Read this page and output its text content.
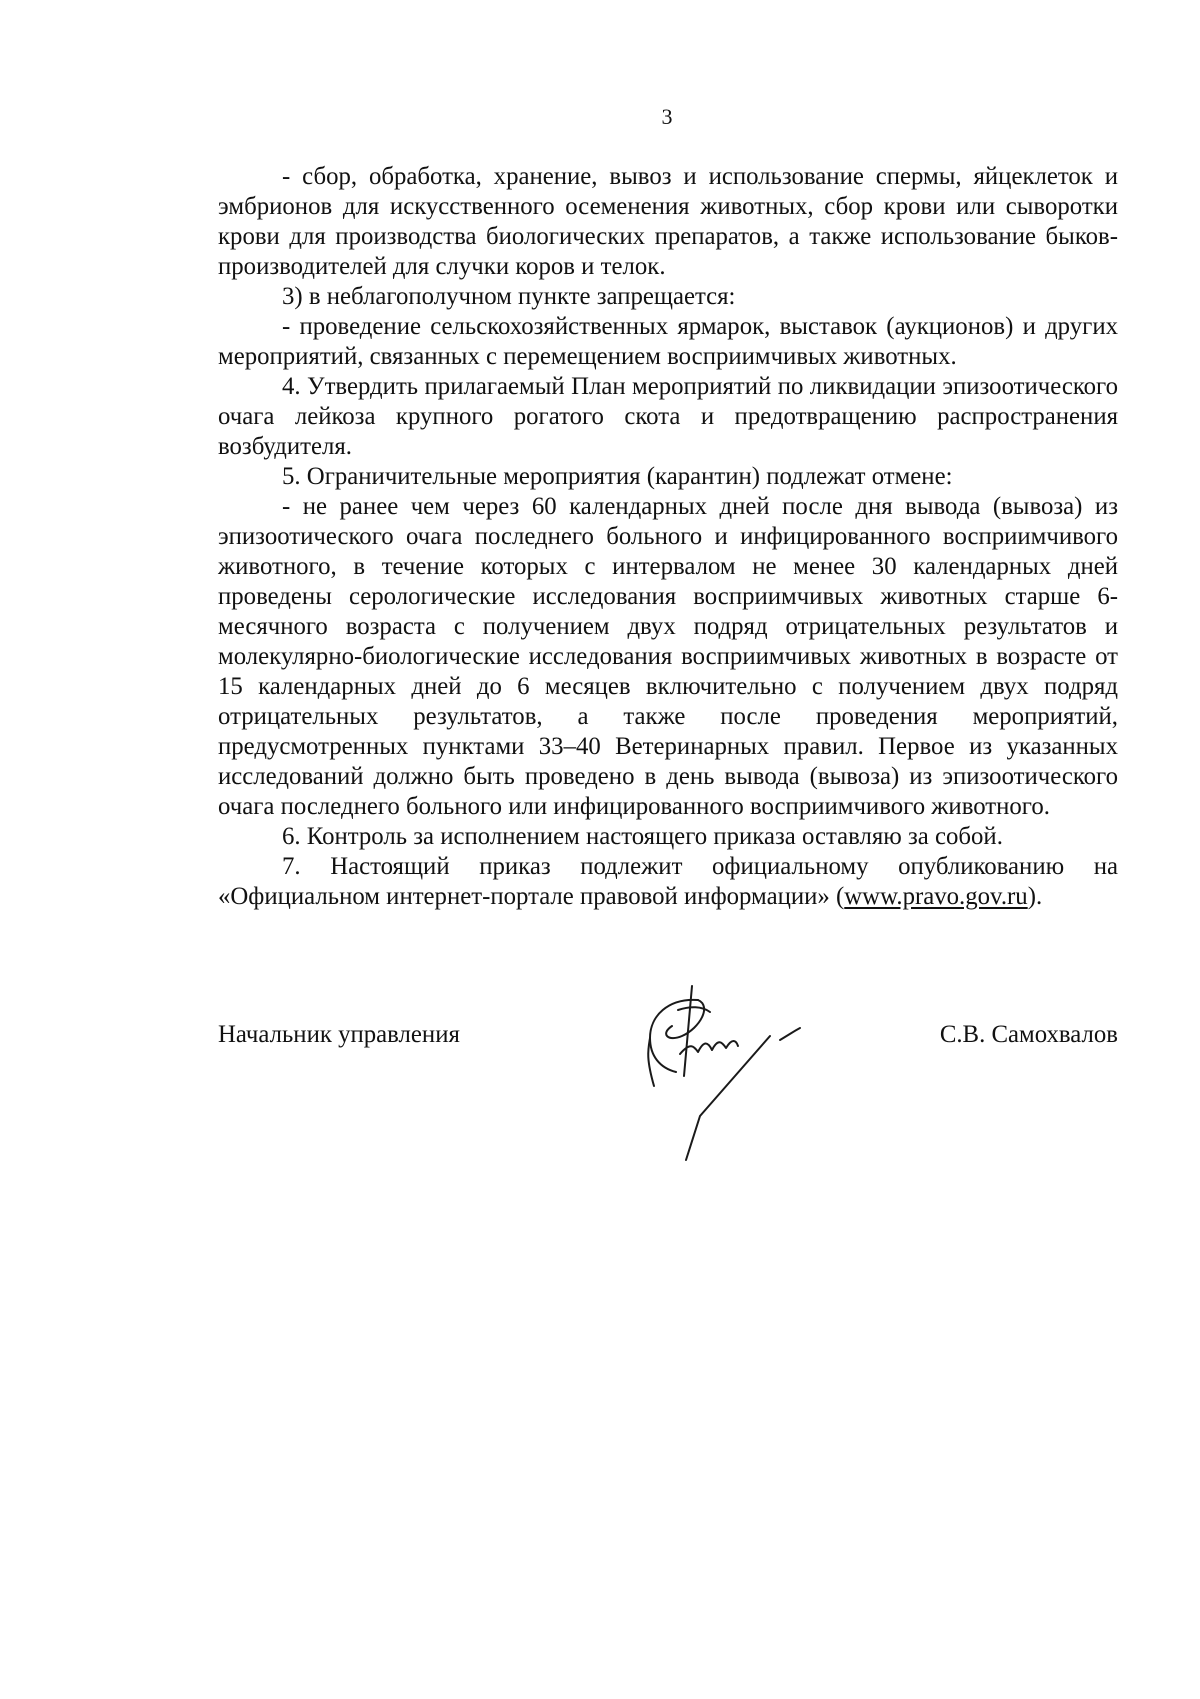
3

- сбор, обработка, хранение, вывоз и использование спермы, яйцеклеток и эмбрионов для искусственного осеменения животных, сбор крови или сыворотки крови для производства биологических препаратов, а также использование быков-производителей для случки коров и телок.

3) в неблагополучном пункте запрещается:

- проведение сельскохозяйственных ярмарок, выставок (аукционов) и других мероприятий, связанных с перемещением восприимчивых животных.

4. Утвердить прилагаемый План мероприятий по ликвидации эпизоотического очага лейкоза крупного рогатого скота и предотвращению распространения возбудителя.

5. Ограничительные мероприятия (карантин) подлежат отмене:

- не ранее чем через 60 календарных дней после дня вывода (вывоза) из эпизоотического очага последнего больного и инфицированного восприимчивого животного, в течение которых с интервалом не менее 30 календарных дней проведены серологические исследования восприимчивых животных старше 6-месячного возраста с получением двух подряд отрицательных результатов и молекулярно-биологические исследования восприимчивых животных в возрасте от 15 календарных дней до 6 месяцев включительно с получением двух подряд отрицательных результатов, а также после проведения мероприятий, предусмотренных пунктами 33–40 Ветеринарных правил. Первое из указанных исследований должно быть проведено в день вывода (вывоза) из эпизоотического очага последнего больного или инфицированного восприимчивого животного.

6. Контроль за исполнением настоящего приказа оставляю за собой.

7. Настоящий приказ подлежит официальному опубликованию на «Официальном интернет-портале правовой информации» (www.pravo.gov.ru).

Начальник управления	С.В. Самохвалов
